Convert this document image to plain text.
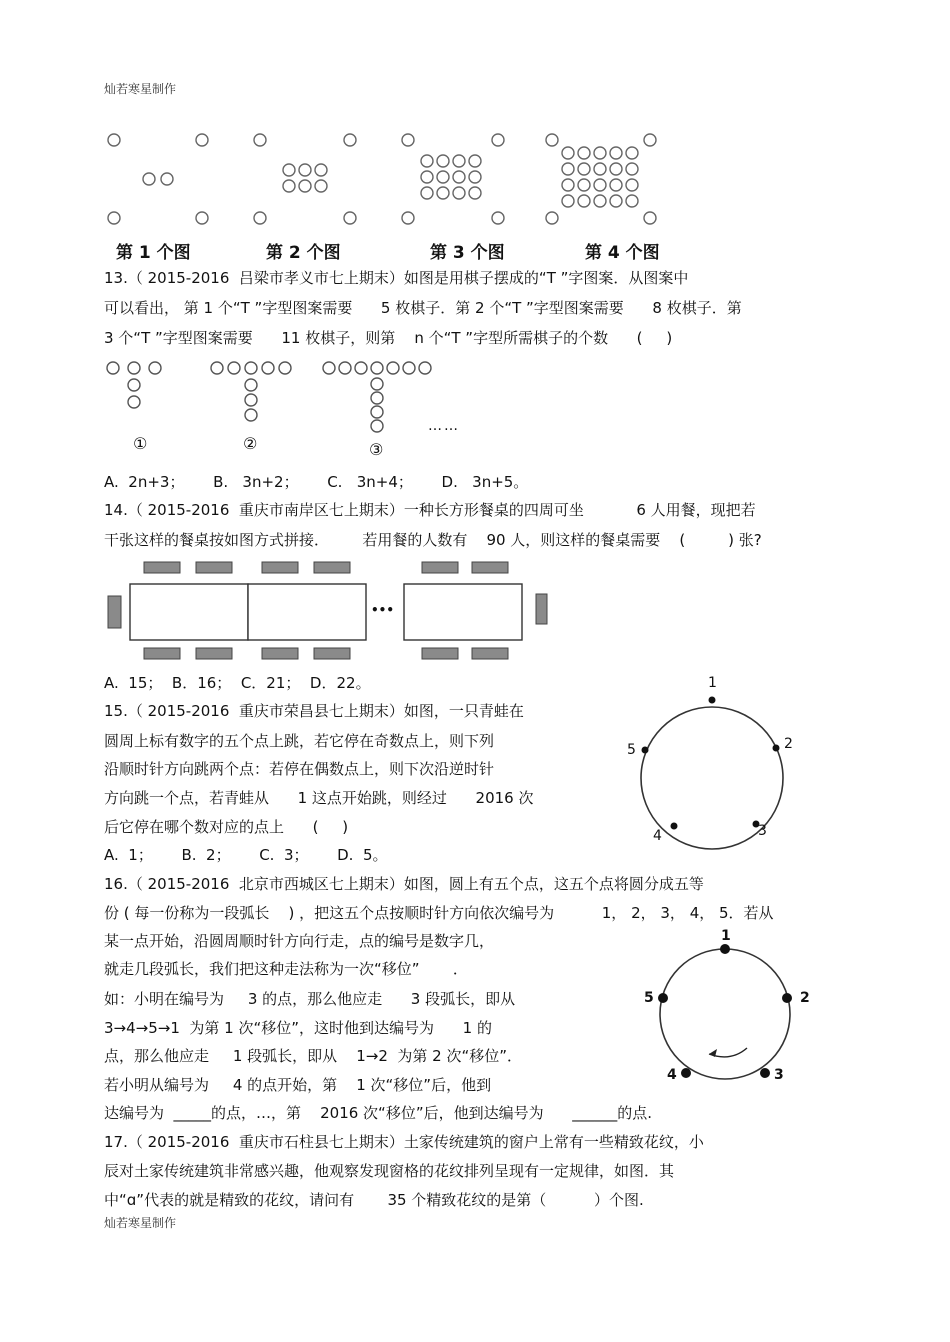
灿若寒星制作
第 1 个图	第 2 个图	第 3 个图	第 4 个图
13.（ 2015-2016  吕梁市孝义市七上期末）如图是用棋子摆成的“T ”字图案．从图案中
可以看出， 第 1 个“T ”字型图案需要      5 枚棋子．第 2 个“T ”字型图案需要      8 枚棋子．第
3 个“T ”字型图案需要      11 枚棋子，则第    n 个“T ”字型所需棋子的个数      (     )
①	②	③
……
A.  2n+3；      B.   3n+2；      C.   3n+4；      D.   3n+5。
14.（ 2015-2016  重庆市南岸区七上期末）一种长方形餐桌的四周可坐           6 人用餐，现把若
干张这样的餐桌按如图方式拼接．       若用餐的人数有    90 人，则这样的餐桌需要    (         ) 张?
•••
A.  15；  B．16；  C．21；  D．22。
15.（ 2015-2016  重庆市荣昌县七上期末）如图，一只青蛙在
圆周上标有数字的五个点上跳，若它停在奇数点上，则下列
沿顺时针方向跳两个点：若停在偶数点上，则下次沿逆时针
方向跳一个点，若青蛙从      1 这点开始跳，则经过      2016 次
后它停在哪个数对应的点上      (     )
A.  1；      B.  2；      C.  3；      D.  5。
1
2
3
4
5
16.（ 2015-2016  北京市西城区七上期末）如图，圆上有五个点，这五个点将圆分成五等
份 ( 每一份称为一段弧长    ) ，把这五个点按顺时针方向依次编号为          1， 2， 3， 4， 5．若从
某一点开始，沿圆周顺时针方向行走，点的编号是数字几，
就走几段弧长，我们把这种走法称为一次“移位”       ．
如：小明在编号为     3 的点，那么他应走      3 段弧长，即从
3→4→5→1  为第 1 次“移位”，这时他到达编号为      1 的
点，那么他应走     1 段弧长，即从    1→2  为第 2 次“移位”．
若小明从编号为     4 的点开始，第    1 次“移位”后，他到
达编号为  _____的点，…，第    2016 次“移位”后，他到达编号为      ______的点.
1
2
3
4
5
17.（ 2015-2016  重庆市石柱县七上期末）土家传统建筑的窗户上常有一些精致花纹，小
辰对土家传统建筑非常感兴趣，他观察发现窗格的花纹排列呈现有一定规律，如图．其
中“ɑ”代表的就是精致的花纹，请问有       35 个精致花纹的是第（          ）个图.
灿若寒星制作
